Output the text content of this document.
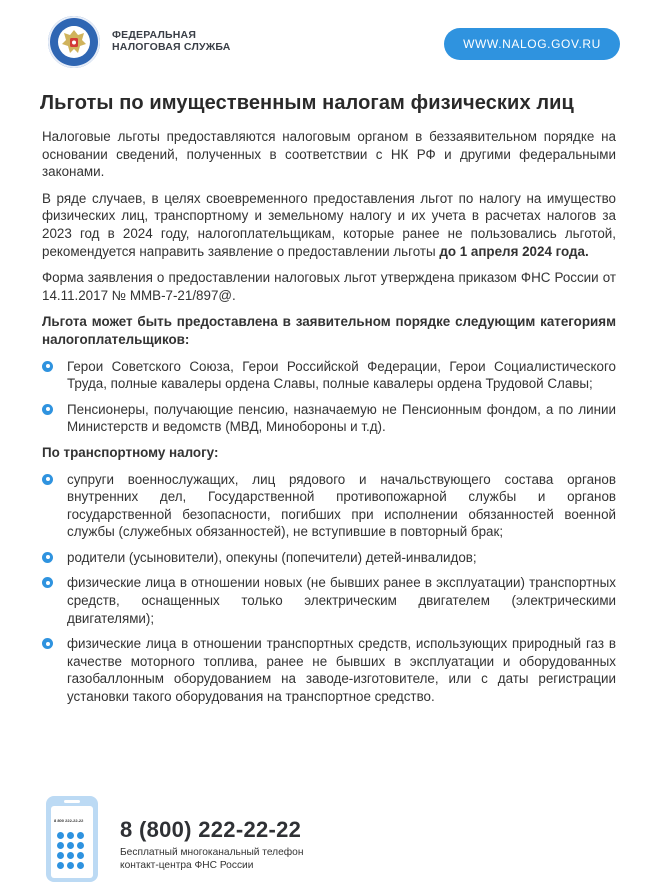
ФЕДЕРАЛЬНАЯ
НАЛОГОВАЯ СЛУЖБА	WWW.NALOG.GOV.RU
Льготы по имущественным налогам физических лиц

Налоговые льготы предоставляются налоговым органом в беззаявительном порядке на основании сведений, полученных в соответствии с НК РФ и другими федеральными законами.

В ряде случаев, в целях своевременного предоставления льгот по налогу на имущество физических лиц, транспортному и земельному налогу и их учета в расчетах налогов за 2023 год в 2024 году, налогоплательщикам, которые ранее не пользовались льготой, рекомендуется направить заявление о предоставлении льготы до 1 апреля 2024 года.

Форма заявления о предоставлении налоговых льгот утверждена приказом ФНС России от 14.11.2017 № ММВ-7-21/897@.

Льгота может быть предоставлена в заявительном порядке следующим категориям налогоплательщиков:

Герои Советского Союза, Герои Российской Федерации, Герои Социалистического Труда, полные кавалеры ордена Славы, полные кавалеры ордена Трудовой Славы;
Пенсионеры, получающие пенсию, назначаемую не Пенсионным фондом, а по линии Министерств и ведомств (МВД, Минобороны и т.д).

По транспортному налогу:

супруги военнослужащих, лиц рядового и начальствующего состава органов внутренних дел, Государственной противопожарной службы и органов государственной безопасности, погибших при исполнении обязанностей военной службы (служебных обязанностей), не вступившие в повторный брак;
родители (усыновители), опекуны (попечители) детей-инвалидов;
физические лица в отношении новых (не бывших ранее в эксплуатации) транспортных средств, оснащенных только электрическим двигателем (электрическими двигателями);
физические лица в отношении транспортных средств, использующих природный газ в качестве моторного топлива, ранее не бывших в эксплуатации и оборудованных газобаллонным оборудованием на заводе-изготовителе, или с даты регистрации установки такого оборудования на транспортное средство.
8 800 222-22-22 8 (800) 222-22-22
Бесплатный многоканальный телефон
контакт-центра ФНС России
